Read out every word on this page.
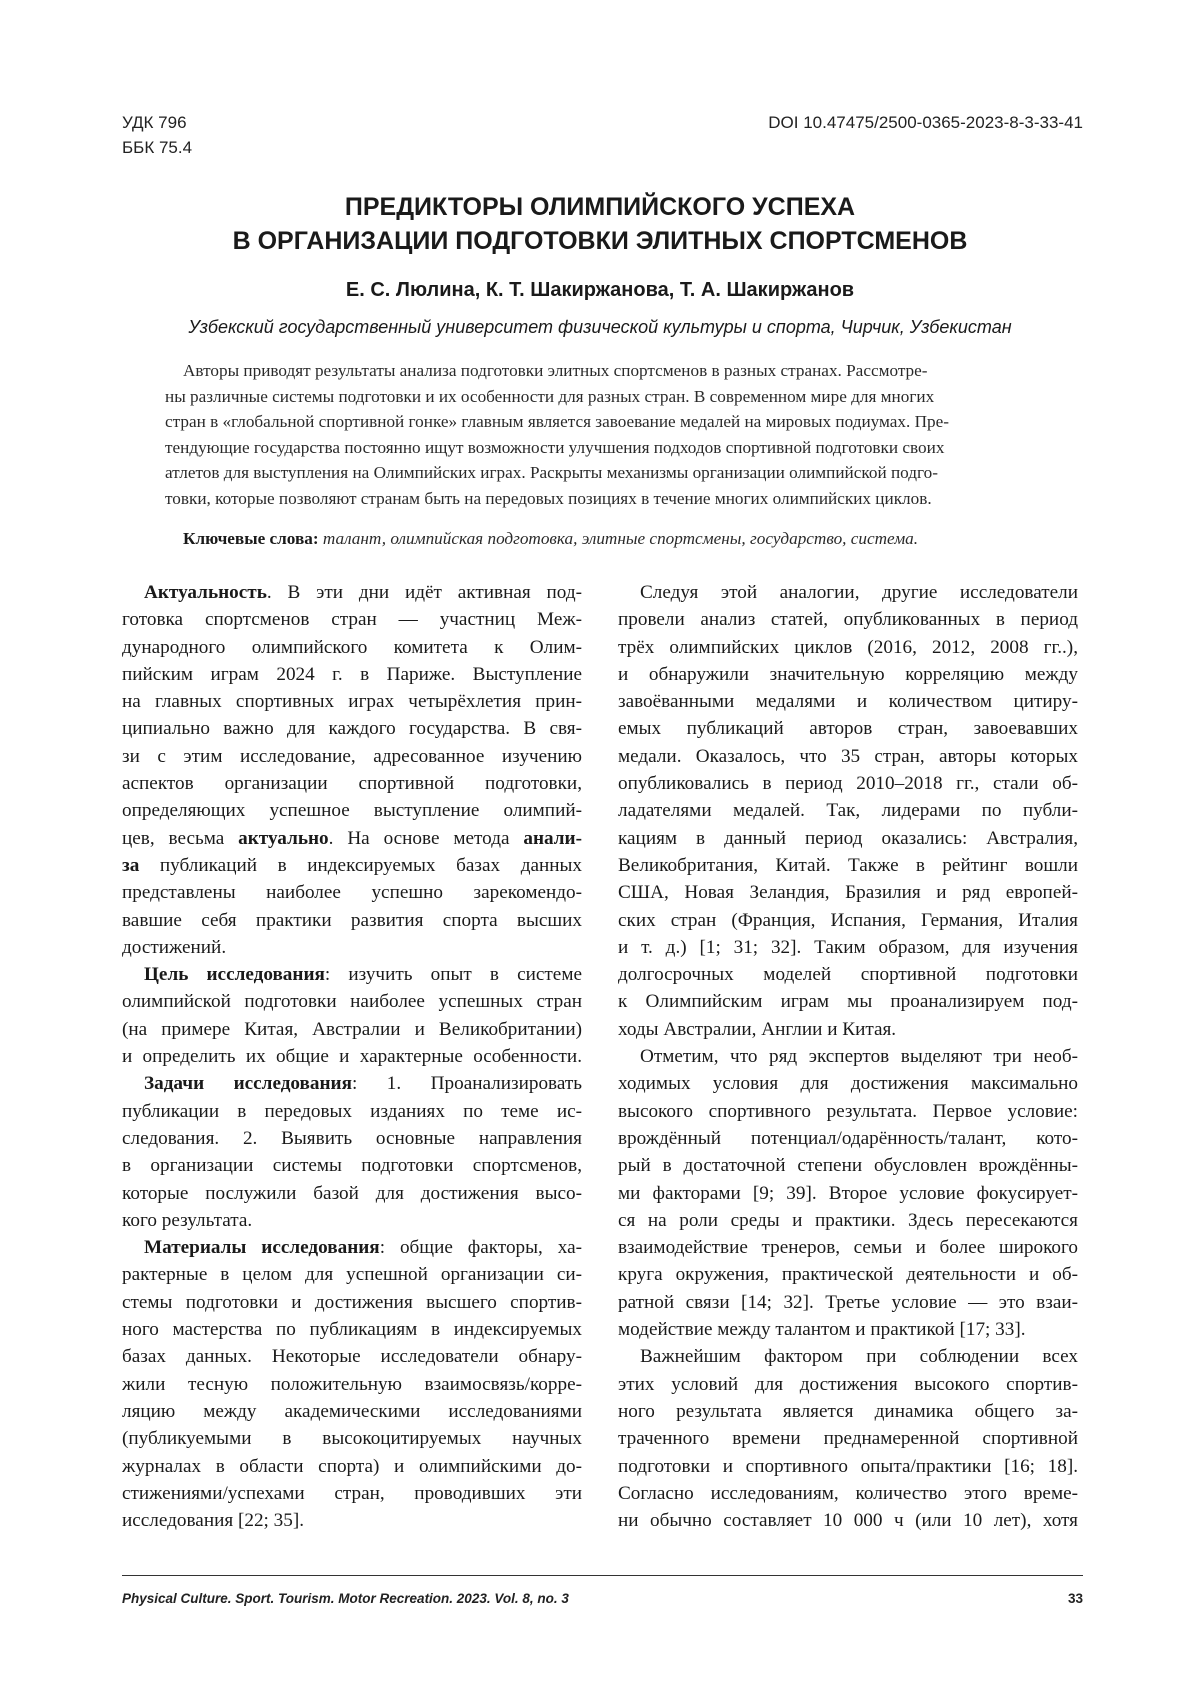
УДК 796
ББК 75.4
DOI 10.47475/2500-0365-2023-8-3-33-41
ПРЕДИКТОРЫ ОЛИМПИЙСКОГО УСПЕХА
В ОРГАНИЗАЦИИ ПОДГОТОВКИ ЭЛИТНЫХ СПОРТСМЕНОВ
Е. С. Люлина, К. Т. Шакиржанова, Т. А. Шакиржанов
Узбекский государственный университет физической культуры и спорта, Чирчик, Узбекистан
Авторы приводят результаты анализа подготовки элитных спортсменов в разных странах. Рассмотре-
ны различные системы подготовки и их особенности для разных стран. В современном мире для многих
стран в «глобальной спортивной гонке» главным является завоевание медалей на мировых подиумах. Пре-
тендующие государства постоянно ищут возможности улучшения подходов спортивной подготовки своих
атлетов для выступления на Олимпийских играх. Раскрыты механизмы организации олимпийской подго-
товки, которые позволяют странам быть на передовых позициях в течение многих олимпийских циклов.
Ключевые слова: талант, олимпийская подготовка, элитные спортсмены, государство, система.
Актуальность. В эти дни идёт активная под-
готовка спортсменов стран — участниц Меж-
дународного олимпийского комитета к Олим-
пийским играм 2024 г. в Париже. Выступление
на главных спортивных играх четырёхлетия прин-
ципиально важно для каждого государства. В свя-
зи с этим исследование, адресованное изучению
аспектов организации спортивной подготовки,
определяющих успешное выступление олимпий-
цев, весьма актуально. На основе метода анали-
за публикаций в индексируемых базах данных
представлены наиболее успешно зарекомендо-
вавшие себя практики развития спорта высших
достижений.
Цель исследования: изучить опыт в системе
олимпийской подготовки наиболее успешных стран
(на примере Китая, Австралии и Великобритании)
и определить их общие и характерные особенности.
Задачи исследования: 1. Проанализировать
публикации в передовых изданиях по теме ис-
следования. 2. Выявить основные направления
в организации системы подготовки спортсменов,
которые послужили базой для достижения высо-
кого результата.
Материалы исследования: общие факторы, ха-
рактерные в целом для успешной организации си-
стемы подготовки и достижения высшего спортив-
ного мастерства по публикациям в индексируемых
базах данных. Некоторые исследователи обнару-
жили тесную положительную взаимосвязь/корре-
ляцию между академическими исследованиями
(публикуемыми в высокоцитируемых научных
журналах в области спорта) и олимпийскими до-
стижениями/успехами стран, проводивших эти
исследования [22; 35].
Следуя этой аналогии, другие исследователи
провели анализ статей, опубликованных в период
трёх олимпийских циклов (2016, 2012, 2008 гг..),
и обнаружили значительную корреляцию между
завоёванными медалями и количеством цитиру-
емых публикаций авторов стран, завоевавших
медали. Оказалось, что 35 стран, авторы которых
опубликовались в период 2010–2018 гг., стали об-
ладателями медалей. Так, лидерами по публи-
кациям в данный период оказались: Австралия,
Великобритания, Китай. Также в рейтинг вошли
США, Новая Зеландия, Бразилия и ряд европей-
ских стран (Франция, Испания, Германия, Италия
и т. д.) [1; 31; 32]. Таким образом, для изучения
долгосрочных моделей спортивной подготовки
к Олимпийским играм мы проанализируем под-
ходы Австралии, Англии и Китая.
Отметим, что ряд экспертов выделяют три необ-
ходимых условия для достижения максимально
высокого спортивного результата. Первое условие:
врождённый потенциал/одарённость/талант, кото-
рый в достаточной степени обусловлен врождённы-
ми факторами [9; 39]. Второе условие фокусирует-
ся на роли среды и практики. Здесь пересекаются
взаимодействие тренеров, семьи и более широкого
круга окружения, практической деятельности и об-
ратной связи [14; 32]. Третье условие — это взаи-
модействие между талантом и практикой [17; 33].
Важнейшим фактором при соблюдении всех
этих условий для достижения высокого спортив-
ного результата является динамика общего за-
траченного времени преднамеренной спортивной
подготовки и спортивного опыта/практики [16; 18].
Согласно исследованиям, количество этого време-
ни обычно составляет 10 000 ч (или 10 лет), хотя
Physical Culture. Sport. Tourism. Motor Recreation. 2023. Vol. 8, no. 3	33
